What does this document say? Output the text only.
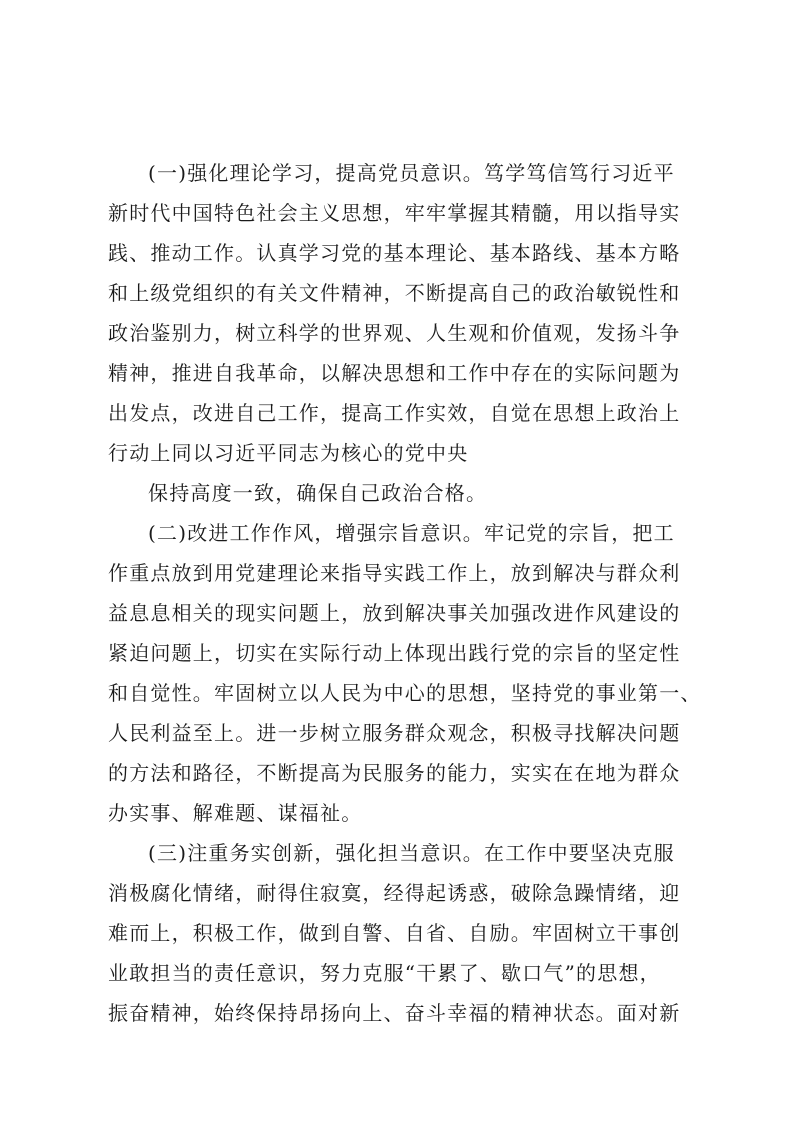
(一)强化理论学习，提高党员意识。笃学笃信笃行习近平
新时代中国特色社会主义思想，牢牢掌握其精髓，用以指导实
践、推动工作。认真学习党的基本理论、基本路线、基本方略
和上级党组织的有关文件精神，不断提高自己的政治敏锐性和
政治鉴别力，树立科学的世界观、人生观和价值观，发扬斗争
精神，推进自我革命，以解决思想和工作中存在的实际问题为
出发点，改进自己工作，提高工作实效，自觉在思想上政治上
行动上同以习近平同志为核心的党中央
保持高度一致，确保自己政治合格。
(二)改进工作作风，增强宗旨意识。牢记党的宗旨，把工
作重点放到用党建理论来指导实践工作上，放到解决与群众利
益息息相关的现实问题上，放到解决事关加强改进作风建设的
紧迫问题上，切实在实际行动上体现出践行党的宗旨的坚定性
和自觉性。牢固树立以人民为中心的思想，坚持党的事业第一、
人民利益至上。进一步树立服务群众观念，积极寻找解决问题
的方法和路径，不断提高为民服务的能力，实实在在地为群众
办实事、解难题、谋福祉。
(三)注重务实创新，强化担当意识。在工作中要坚决克服
消极腐化情绪，耐得住寂寞，经得起诱惑，破除急躁情绪，迎
难而上，积极工作，做到自警、自省、自励。牢固树立干事创
业敢担当的责任意识，努力克服“干累了、歇口气”的思想，
振奋精神，始终保持昂扬向上、奋斗幸福的精神状态。面对新
